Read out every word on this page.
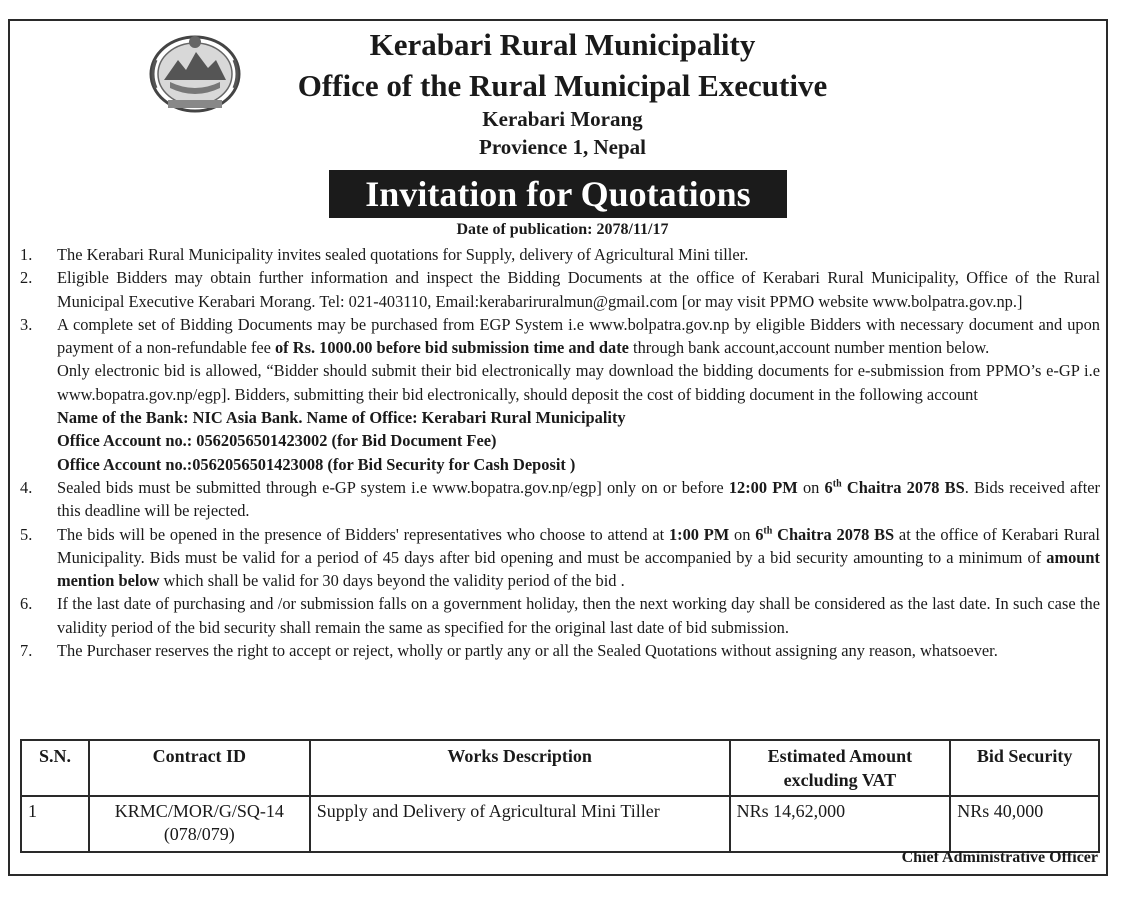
Kerabari Rural Municipality
Office of the Rural Municipal Executive
Kerabari Morang
Provience 1, Nepal
Invitation for Quotations
Date of publication: 2078/11/17
1. The Kerabari Rural Municipality invites sealed quotations for Supply, delivery of Agricultural Mini tiller.
2. Eligible Bidders may obtain further information and inspect the Bidding Documents at the office of Kerabari Rural Municipality, Office of the Rural Municipal Executive Kerabari Morang. Tel: 021-403110, Email:kerabariruralmun@gmail.com [or may visit PPMO website www.bolpatra.gov.np.]
3. A complete set of Bidding Documents may be purchased from EGP System i.e www.bolpatra.gov.np by eligible Bidders with necessary document and upon payment of a non-refundable fee of Rs. 1000.00 before bid submission time and date through bank account,account number mention below.
Only electronic bid is allowed, “Bidder should submit their bid electronically may download the bidding documents for e-submission from PPMO’s e-GP i.e www.bopatra.gov.np/egp]. Bidders, submitting their bid electronically, should deposit the cost of bidding document in the following account
Name of the Bank: NIC Asia Bank. Name of Office: Kerabari Rural Municipality
Office Account no.: 0562056501423002 (for Bid Document Fee)
Office Account no.:0562056501423008 (for Bid Security for Cash Deposit )
4. Sealed bids must be submitted through e-GP system i.e www.bopatra.gov.np/egp] only on or before 12:00 PM on 6th Chaitra 2078 BS. Bids received after this deadline will be rejected.
5. The bids will be opened in the presence of Bidders' representatives who choose to attend at 1:00 PM on 6th Chaitra 2078 BS at the office of Kerabari Rural Municipality. Bids must be valid for a period of 45 days after bid opening and must be accompanied by a bid security amounting to a minimum of amount mention below which shall be valid for 30 days beyond the validity period of the bid .
6. If the last date of purchasing and /or submission falls on a government holiday, then the next working day shall be considered as the last date. In such case the validity period of the bid security shall remain the same as specified for the original last date of bid submission.
7. The Purchaser reserves the right to accept or reject, wholly or partly any or all the Sealed Quotations without assigning any reason, whatsoever.
S.N.	Contract ID	Works Description	Estimated Amount excluding VAT	Bid Security
1	KRMC/MOR/G/SQ-14 (078/079)	Supply and Delivery of Agricultural Mini Tiller	NRs 14,62,000	NRs 40,000
Chief Administrative Officer
